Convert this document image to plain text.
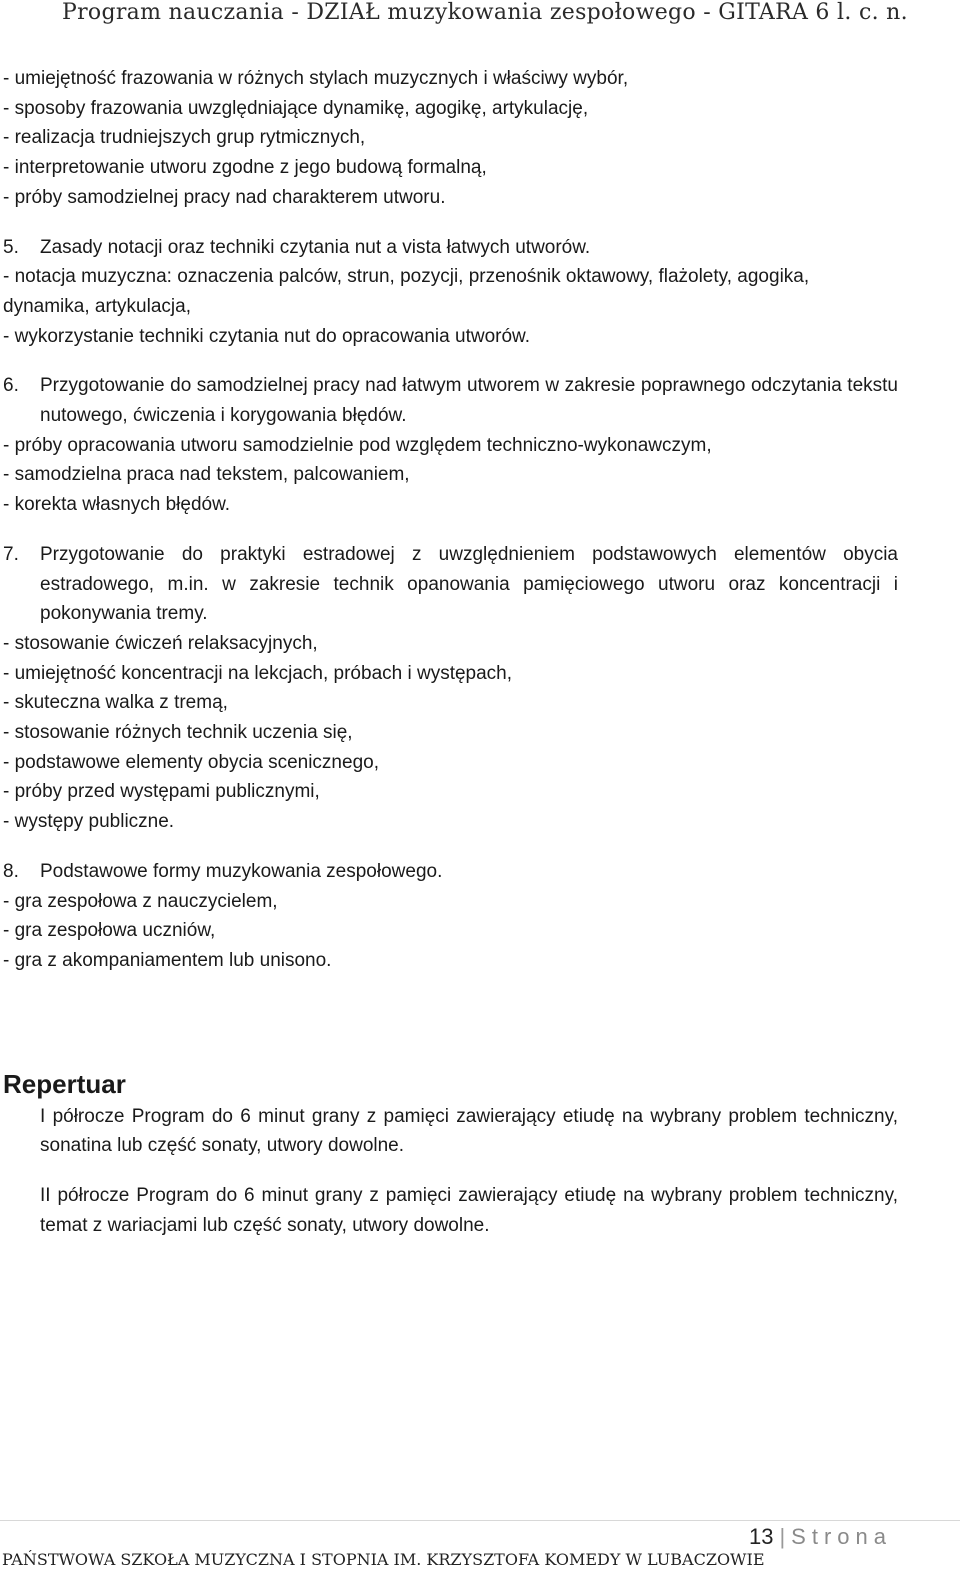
Program nauczania - DZIAŁ muzykowania zespołowego - GITARA 6 l. c. n.
- umiejętność frazowania w różnych stylach muzycznych i właściwy wybór,
- sposoby frazowania uwzględniające dynamikę, agogikę, artykulację,
- realizacja trudniejszych grup rytmicznych,
- interpretowanie utworu zgodne z jego budową formalną,
- próby samodzielnej pracy nad charakterem utworu.
5.	Zasady notacji oraz techniki czytania nut a vista łatwych utworów.
- notacja muzyczna: oznaczenia palców, strun, pozycji, przenośnik oktawowy, flażolety, agogika, dynamika, artykulacja,
- wykorzystanie techniki czytania nut do opracowania utworów.
6.	Przygotowanie do samodzielnej pracy nad łatwym utworem w zakresie poprawnego odczytania tekstu nutowego, ćwiczenia i korygowania błędów.
- próby opracowania utworu samodzielnie pod względem techniczno-wykonawczym,
- samodzielna praca nad tekstem, palcowaniem,
- korekta własnych błędów.
7.	Przygotowanie do praktyki estradowej z uwzględnieniem podstawowych elementów obycia estradowego, m.in. w zakresie technik opanowania pamięciowego utworu oraz koncentracji i pokonywania tremy.
- stosowanie ćwiczeń relaksacyjnych,
- umiejętność koncentracji na lekcjach, próbach i występach,
- skuteczna walka z tremą,
- stosowanie różnych technik uczenia się,
- podstawowe elementy obycia scenicznego,
- próby przed występami publicznymi,
- występy publiczne.
8.	Podstawowe formy muzykowania zespołowego.
- gra zespołowa z nauczycielem,
- gra zespołowa uczniów,
- gra z akompaniamentem lub unisono.
Repertuar
I półrocze Program do 6 minut grany z pamięci zawierający etiudę na wybrany problem techniczny, sonatina lub część sonaty, utwory dowolne.
II półrocze Program do 6 minut grany z pamięci zawierający etiudę na wybrany problem techniczny, temat z wariacjami lub część sonaty, utwory dowolne.
13 | Strona
PAŃSTWOWA SZKOŁA MUZYCZNA I STOPNIA IM. KRZYSZTOFA KOMEDY W LUBACZOWIE
